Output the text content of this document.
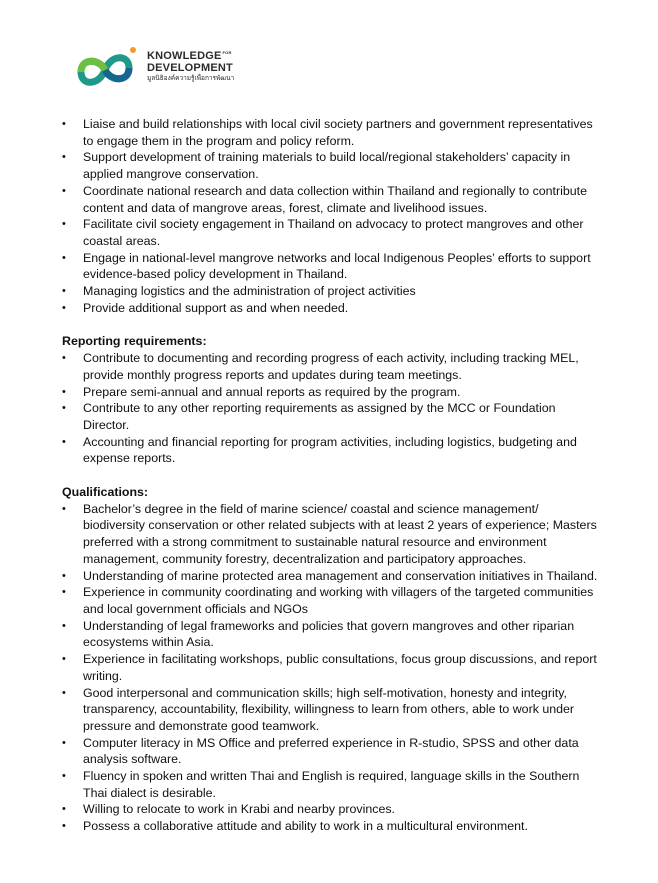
$KNOWLEDGE^{FOR}$
DEVELOPMENT
มูลนิธิองค์ความรู้เพื่อการพัฒนา
• Liaise and build relationships with local civil society partners and government representatives to engage them in the program and policy reform.
• Support development of training materials to build local/regional stakeholders’ capacity in applied mangrove conservation.
• Coordinate national research and data collection within Thailand and regionally to contribute content and data of mangrove areas, forest, climate and livelihood issues.
• Facilitate civil society engagement in Thailand on advocacy to protect mangroves and other coastal areas.
• Engage in national-level mangrove networks and local Indigenous Peoples’ efforts to support evidence-based policy development in Thailand.
• Managing logistics and the administration of project activities
• Provide additional support as and when needed.
Reporting requirements:
• Contribute to documenting and recording progress of each activity, including tracking MEL, provide monthly progress reports and updates during team meetings.
• Prepare semi-annual and annual reports as required by the program.
• Contribute to any other reporting requirements as assigned by the MCC or Foundation Director.
• Accounting and financial reporting for program activities, including logistics, budgeting and expense reports.
Qualifications:
• Bachelor’s degree in the field of marine science/ coastal and science management/ biodiversity conservation or other related subjects with at least 2 years of experience; Masters preferred with a strong commitment to sustainable natural resource and environment management, community forestry, decentralization and participatory approaches.
• Understanding of marine protected area management and conservation initiatives in Thailand.
• Experience in community coordinating and working with villagers of the targeted communities and local government officials and NGOs
• Understanding of legal frameworks and policies that govern mangroves and other riparian ecosystems within Asia.
• Experience in facilitating workshops, public consultations, focus group discussions, and report writing.
• Good interpersonal and communication skills; high self-motivation, honesty and integrity, transparency, accountability, flexibility, willingness to learn from others, able to work under pressure and demonstrate good teamwork.
• Computer literacy in MS Office and preferred experience in R-studio, SPSS and other data analysis software.
• Fluency in spoken and written Thai and English is required, language skills in the Southern Thai dialect is desirable.
• Willing to relocate to work in Krabi and nearby provinces.
• Possess a collaborative attitude and ability to work in a multicultural environment.
